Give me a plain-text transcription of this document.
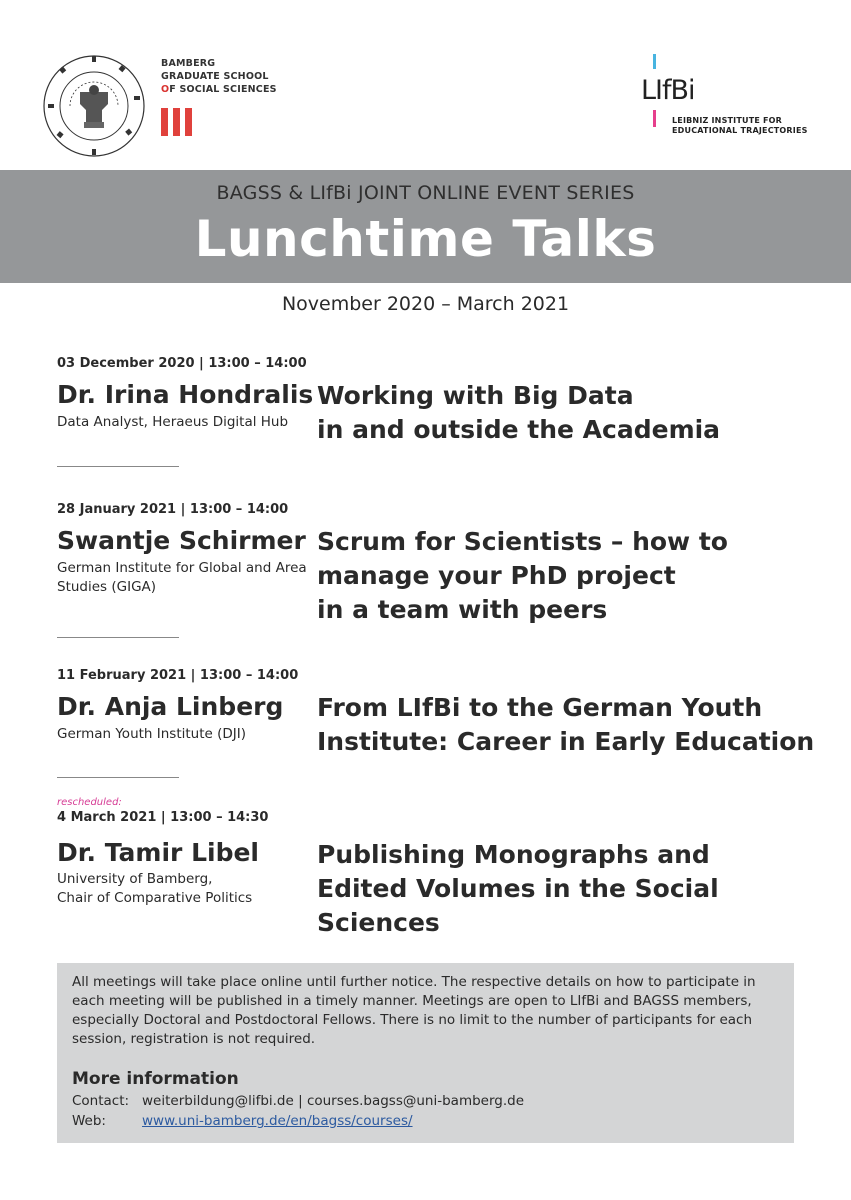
BAMBERG
GRADUATE SCHOOL
OF SOCIAL SCIENCES	LIfBi
LEIBNIZ INSTITUTE FOR
EDUCATIONAL TRAJECTORIES
BAGSS & LIfBi JOINT ONLINE EVENT SERIES
Lunchtime Talks
November 2020 – March 2021
03 December 2020 | 13:00 – 14:00
Dr. Irina Hondralis
Data Analyst, Heraeus Digital Hub
Working with Big Data
in and outside the Academia
28 January 2021 | 13:00 – 14:00
Swantje Schirmer
German Institute for Global and Area Studies (GIGA)
Scrum for Scientists – how to
manage your PhD project
in a team with peers
11 February 2021 | 13:00 – 14:00
Dr. Anja Linberg
German Youth Institute (DJI)
From LIfBi to the German Youth
Institute: Career in Early Education
rescheduled:
4 March 2021 | 13:00 – 14:30
Dr. Tamir Libel
University of Bamberg,
Chair of Comparative Politics
Publishing Monographs and
Edited Volumes in the Social Sciences
All meetings will take place online until further notice. The respective details on how to participate in each meeting will be published in a timely manner. Meetings are open to LIfBi and BAGSS members, especially Doctoral and Postdoctoral Fellows. There is no limit to the number of participants for each session, registration is not required.
More information
Contact: weiterbildung@lifbi.de | courses.bagss@uni-bamberg.de
Web:	www.uni-bamberg.de/en/bagss/courses/
